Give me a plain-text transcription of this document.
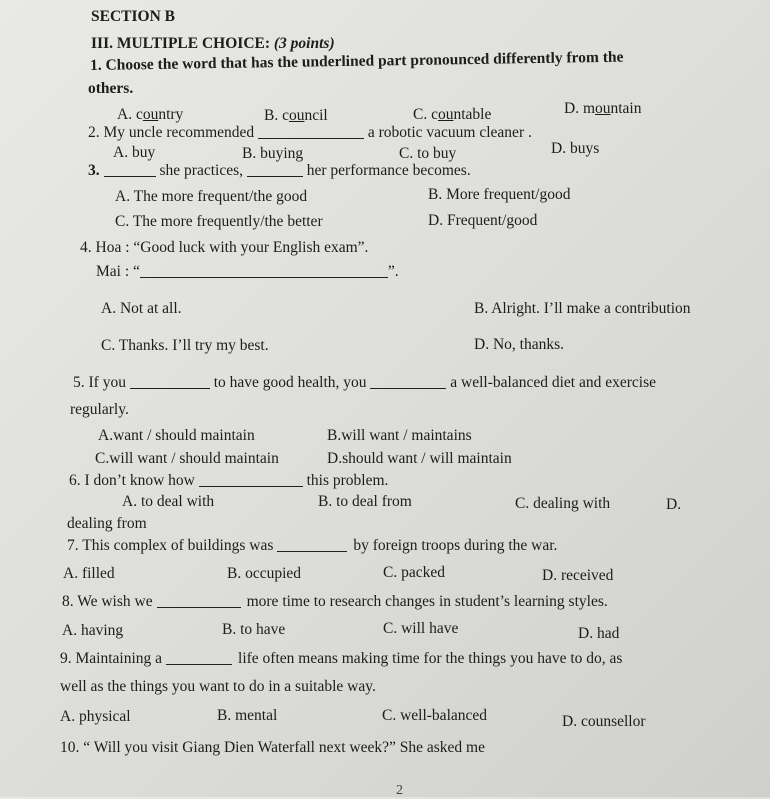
SECTION B
III. MULTIPLE CHOICE: (3 points)
1. Choose the word that has the underlined part pronounced differently from the
others.
A. country	B. council	C. countable	D. mountain
2. My uncle recommended	a robotic vacuum cleaner .
A. buy	B. buying	C. to buy	D. buys
3.	she practices,	her performance becomes.
A. The more frequent/the good	B. More frequent/good
C. The more frequently/the better	D. Frequent/good
4. Hoa : “Good luck with your English exam”.
Mai : “	”.
A. Not at all.	B. Alright. I’ll make a contribution
C. Thanks. I’ll try my best.	D. No, thanks.
5. If you	to have good health, you	a well-balanced diet and exercise
regularly.
A.want / should maintain	B.will want / maintains
C.will want / should maintain	D.should want / will maintain
6. I don’t know how	this problem.
A. to deal with	B. to deal from	C. dealing with	D.
dealing from
7. This complex of buildings was	by foreign troops during the war.
A. filled	B. occupied	C. packed	D. received
8. We wish we	more time to research changes in student’s learning styles.
A. having	B. to have	C. will have	D. had
9. Maintaining a	life often means making time for the things you have to do, as
well as the things you want to do in a suitable way.
A. physical	B. mental	C. well-balanced	D. counsellor
10. “ Will you visit Giang Dien Waterfall next week?” She asked me
2
